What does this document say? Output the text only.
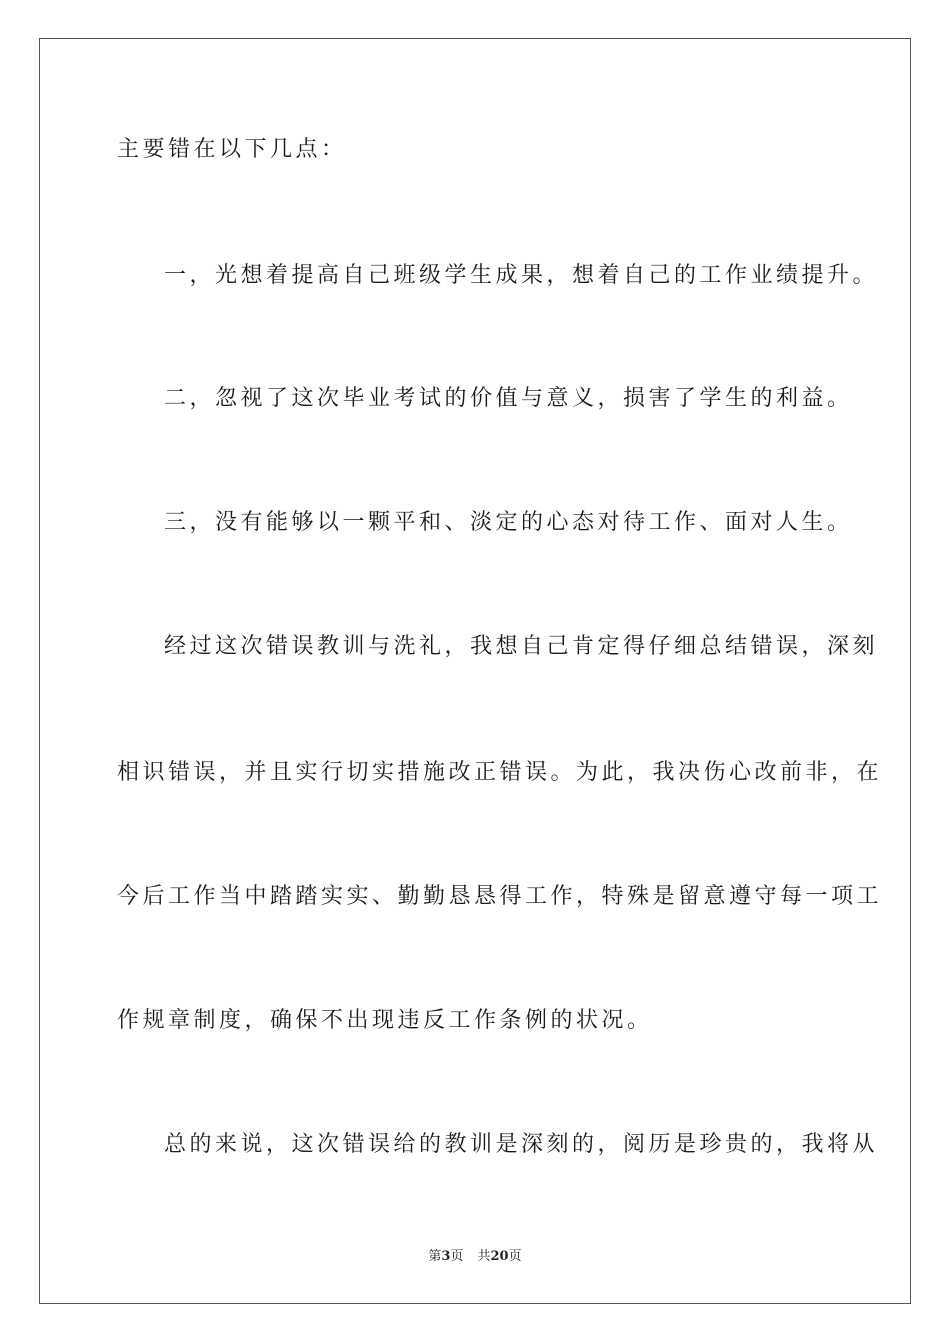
主要错在以下几点：
一，光想着提高自己班级学生成果，想着自己的工作业绩提升。
二，忽视了这次毕业考试的价值与意义，损害了学生的利益。
三，没有能够以一颗平和、淡定的心态对待工作、面对人生。
经过这次错误教训与洗礼，我想自己肯定得仔细总结错误，深刻
相识错误，并且实行切实措施改正错误。为此，我决伤心改前非，在
今后工作当中踏踏实实、勤勤恳恳得工作，特殊是留意遵守每一项工
作规章制度，确保不出现违反工作条例的状况。
总的来说，这次错误给的教训是深刻的，阅历是珍贵的，我将从
第3页 共20页
